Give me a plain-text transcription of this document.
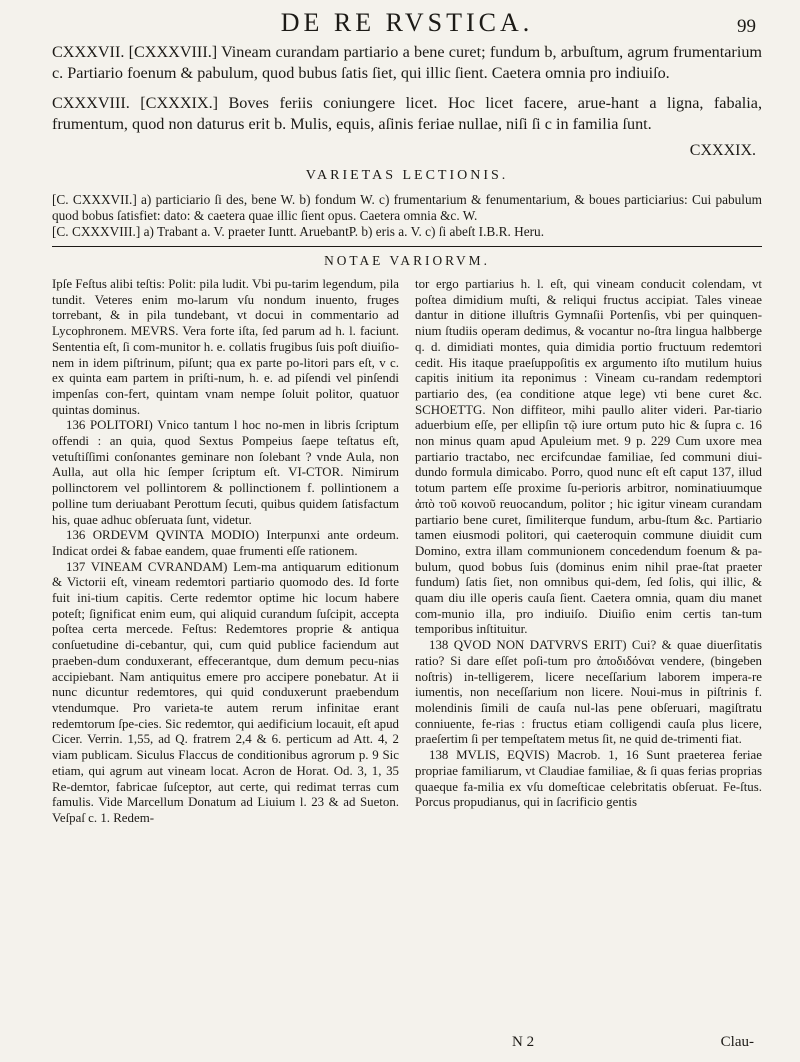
DE RE RVSTICA.	99

CXXXVII. [CXXXVIII.] Vineam curandam partiario a bene curet; fundum b, arbuſtum, agrum frumentarium c. Partiario foenum & pabulum, quod bubus ſatis ſiet, qui illic ſient. Caetera omnia pro indiuiſo.

CXXXVIII. [CXXXIX.] Boves feriis coniungere licet. Hoc licet facere, arue-hant a ligna, fabalia, frumentum, quod non daturus erit b. Mulis, equis, aſinis feriae nullae, niſi ſi c in familia ſunt.

CXXXIX.
VARIETAS LECTIONIS.

[C. CXXXVII.] a) particiario ſi des, bene W. b) fondum W. c) frumentarium & fenumentarium, & boues particiarius: Cui pabulum quod bobus ſatisfiet: dato: & caetera quae illic ſient opus. Caetera omnia &c. W.

[C. CXXXVIII.] a) Trabant a. V. praeter Iuntt. AruebantP. b) eris a. V. c) ſi abeſt I.B.R. Heru.

NOTAE VARIORVM.

Ipſe Feſtus alibi teſtis: Polit: pila ludit. Vbi pu-tarim legendum, pila tundit. Veteres enim mo-larum vſu nondum inuento, fruges torrebant, & in pila tundebant, vt docui in commentario ad Lycophronem. MEVRS. Vera forte iſta, ſed parum ad h. l. faciunt. Sententia eſt, ſi com-munitor h. e. collatis frugibus ſuis poſt diuiſio-nem in idem piſtrinum, piſunt; qua ex parte po-litori pars eſt, v c. ex quinta eam partem in priſti-num, h. e. ad piſendi vel pinſendi impenſas con-fert, quintam vnam nempe ſoluit politor, quatuor quintas dominus.

136 POLITORI) Vnico tantum l hoc no-men in libris ſcriptum offendi : an quia, quod Sextus Pompeius ſaepe teſtatus eſt, vetuſtiſſimi conſonantes geminare non ſolebant ? vnde Aula, non Aulla, aut olla hic ſemper ſcriptum eſt. VI-CTOR. Nimirum pollinctorem vel pollintorem & pollinctionem f. pollintionem a polline tum deriuabant Perottum ſecuti, quibus quidem ſatisfactum his, quae adhuc obſeruata ſunt, videtur.

136 ORDEVM QVINTA MODIO) Interpunxi ante ordeum. Indicat ordei & fabae eandem, quae frumenti eſſe rationem.

137 VINEAM CVRANDAM) Lem-ma antiquarum editionum & Victorii eſt, vineam redemtori partiario quomodo des. Id forte fuit ini-tium capitis. Certe redemtor optime hic locum habere poteſt; ſignificat enim eum, qui aliquid curandum ſuſcipit, accepta poſtea certa mercede. Feſtus: Redemtores proprie & antiqua conſuetudine di-cebantur, qui, cum quid publice faciendum aut praeben-dum conduxerant, effecerantque, dum demum pecu-nias accipiebant. Nam antiquitus emere pro accipere ponebatur. At ii nunc dicuntur redemtores, qui quid conduxerunt praebendum vtendumque. Pro varieta-te autem rerum infinitae erant redemtorum ſpe-cies. Sic redemtor, qui aedificium locauit, eſt apud Cicer. Verrin. 1,55, ad Q. fratrem 2,4 & 6. perticum ad Att. 4, 2 viam publicam. Siculus Flaccus de conditionibus agrorum p. 9 Sic etiam, qui agrum aut vineam locat. Acron de Horat. Od. 3, 1, 35 Re-demtor, fabricae ſuſceptor, aut certe, qui redimat terras cum famulis. Vide Marcellum Donatum ad Liuium l. 23 & ad Sueton. Veſpaſ c. 1. Redem-

tor ergo partiarius h. l. eſt, qui vineam conducit colendam, vt poſtea dimidium muſti, & reliqui fructus accipiat. Tales vineae dantur in ditione illuſtris Gymnaſii Portenſis, vbi per quinquen-nium ſtudiis operam dedimus, & vocantur no-ſtra lingua halbberge q. d. dimidiati montes, quia dimidia portio fructuum redemtori cedit. His itaque praeſuppoſitis ex argumento iſto mutilum huius capitis initium ita reponimus : Vineam cu-randam redemptori partiario des, (ea conditione atque lege) vti bene curet &c. SCHOETTG. Non diffiteor, mihi paullo aliter videri. Par-tiario aduerbium eſſe, per ellipſin τῷ iure ortum puto hic & ſupra c. 16 non minus quam apud Apuleium met. 9 p. 229 Cum uxore mea partiario tractabo, nec ercifcundae familiae, ſed communi diui-dundo formula dimicabo. Porro, quod nunc eſt eſt caput 137, illud totum partem eſſe proxime ſu-perioris arbitror, nominatiuumque ἀπὸ τοῦ κοινοῦ reuocandum, politor ; hic igitur vineam curandam partiario bene curet, ſimiliterque fundum, arbu-ſtum &c. Partiario tamen eiusmodi politori, qui caeteroquin commune diuidit cum Domino, extra illam communionem concedendum foenum & pa-bulum, quod bobus ſuis (dominus enim nihil prae-ſtat praeter fundum) ſatis ſiet, non omnibus qui-dem, ſed ſolis, qui illic, & quam diu ille operis cauſa ſient. Caetera omnia, quam diu manet com-munio illa, pro indiuiſo. Diuiſio enim certis tan-tum temporibus inſtituitur.

138 QVOD NON DATVRVS ERIT) Cui? & quae diuerſitatis ratio? Si dare eſſet poſi-tum pro ἀποδιδόναι vendere, (bingeben noſtris) in-telligerem, licere neceſſarium laborem impera-re iumentis, non neceſſarium non licere. Noui-mus in piſtrinis f. molendinis ſimili de cauſa nul-las pene obſeruari, magiſtratu conniuente, fe-rias : fructus etiam colligendi cauſa plus licere, praeſertim ſi per tempeſtatem metus ſit, ne quid de-trimenti fiat.

138 MVLIS, EQVIS) Macrob. 1, 16 Sunt praeterea feriae propriae familiarum, vt Claudiae familiae, & ſi quas ferias proprias quaeque fa-milia ex vſu domeſticae celebritatis obſeruat. Fe-ſtus. Porcus propudianus, qui in ſacrificio gentis

N 2	Clau-
